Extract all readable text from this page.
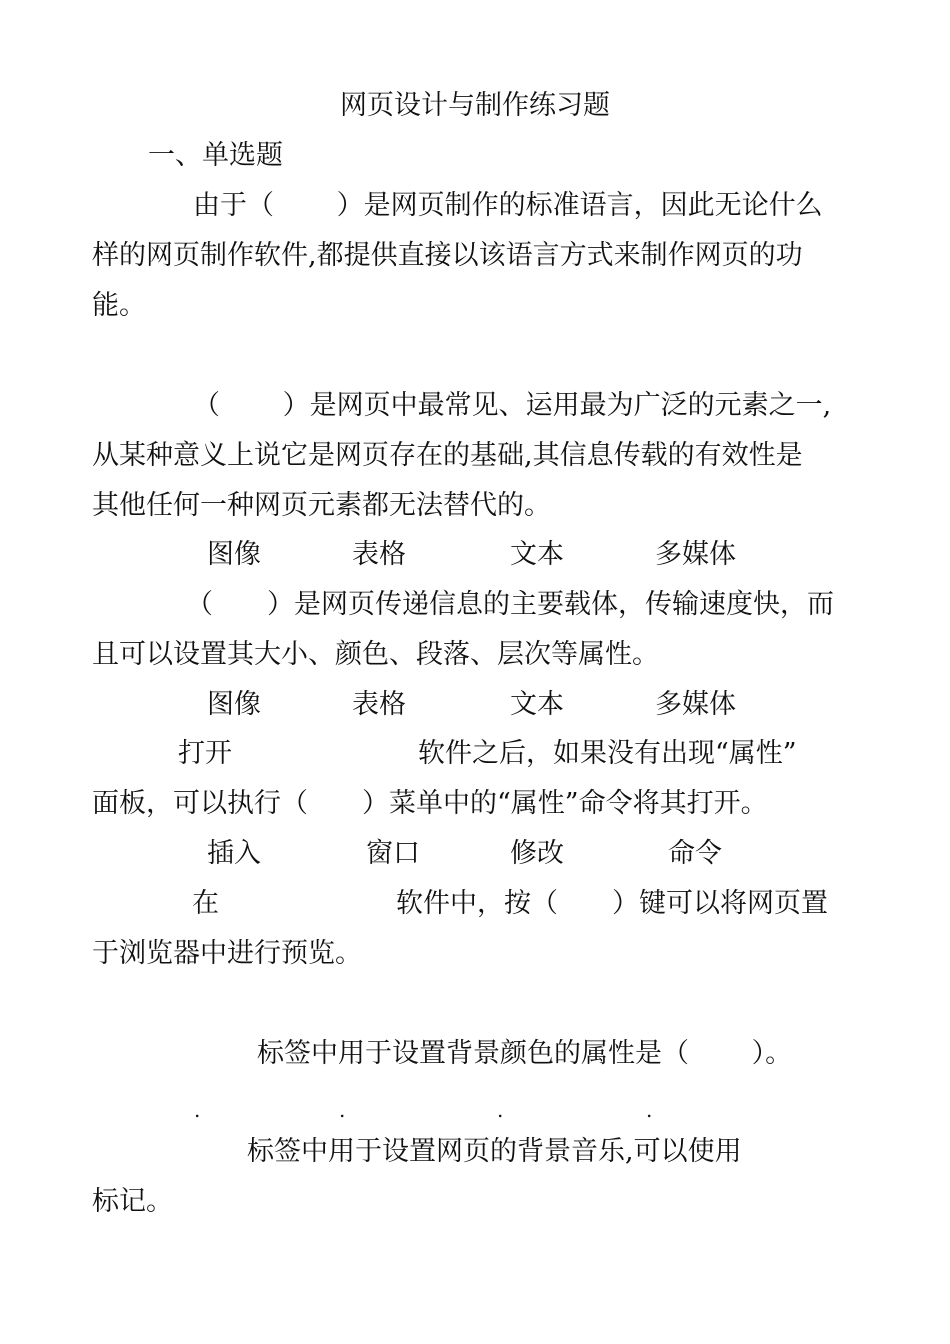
网页设计与制作练习题
一、单选题
由于（　　 ）是网页制作的标准语言，因此无论什么
样的网页制作软件,都提供直接以该语言方式来制作网页的功
能。
（　　 ）是网页中最常见、运用最为广泛的元素之一,
从某种意义上说它是网页存在的基础,其信息传载的有效性是
其他任何一种网页元素都无法替代的。
图像	表格	文本	多媒体
（　　）是网页传递信息的主要载体，传输速度快，而
且可以设置其大小、颜色、段落、层次等属性。
图像	表格	文本	多媒体
打开	软件之后，如果没有出现“属性”
面板，可以执行（　　）菜单中的“属性”命令将其打开。
插入	窗口	修改	命令
在	软件中，按（　　）键可以将网页置
于浏览器中进行预览。
标签中用于设置背景颜色的属性是（　　 ）。
.	.	.	.
标签中用于设置网页的背景音乐,可以使用
标记。
